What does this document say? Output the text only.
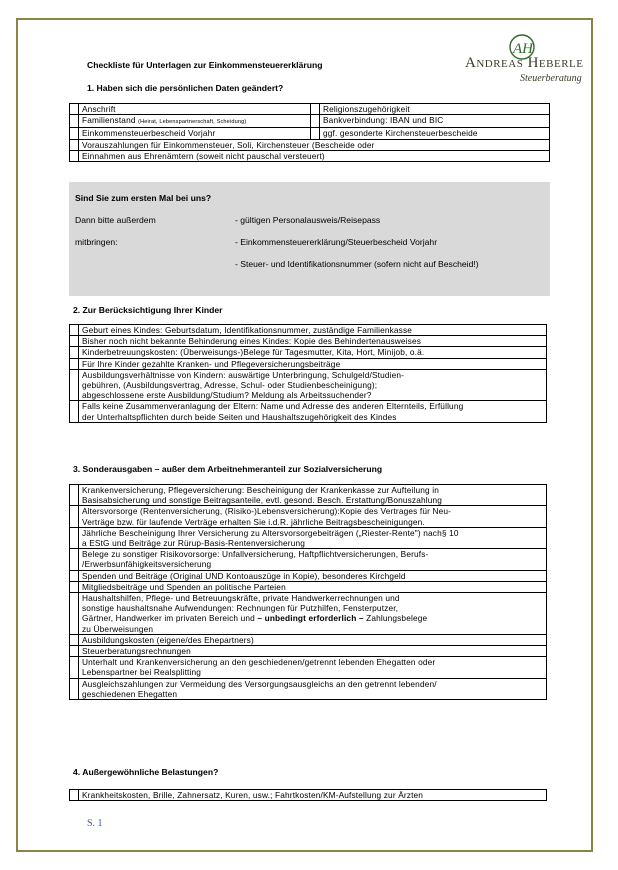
AH
Andreas Heberle
Steuerberatung
Checkliste für Unterlagen zur Einkommensteuererklärung
1. Haben sich die persönlichen Daten geändert?
	Anschrift		Religionszugehörigkeit
	Familienstand (Heirat, Lebenspartnerschaft, Scheidung)		Bankverbindung: IBAN und BIC
	Einkommensteuerbescheid Vorjahr		ggf. gesonderte Kirchensteuerbescheide
	Vorauszahlungen für Einkommensteuer, Soli, Kirchensteuer (Bescheide oder		
	Einnahmen aus Ehrenämtern (soweit nicht pauschal versteuert)		
Sind Sie zum ersten Mal bei uns?
Dann bitte außerdem
mitbringen:
- gültigen Personalausweis/Reisepass
- Einkommensteuererklärung/Steuerbescheid Vorjahr
- Steuer- und Identifikationsnummer (sofern nicht auf Bescheid!)
2. Zur Berücksichtigung Ihrer Kinder
	Geburt eines Kindes: Geburtsdatum, Identifikationsnummer, zuständige Familienkasse
	Bisher noch nicht bekannte Behinderung eines Kindes: Kopie des Behindertenausweises
	Kinderbetreuungskosten: (Überweisungs-)Belege für Tagesmutter, Kita, Hort, Minijob, o.ä.
	Für Ihre Kinder gezahlte Kranken- und Pflegeversicherungsbeiträge

	Ausbildungsverhältnisse von Kindern: auswärtige Unterbringung, Schulgeld/Studien-
gebühren, (Ausbildungsvertrag, Adresse, Schul- oder Studienbescheinigung);
abgeschlossene erste Ausbildung/Studium? Meldung als Arbeitssuchender?

	Falls keine Zusammenveranlagung der Eltern: Name und Adresse des anderen Elternteils, Erfüllung
der Unterhaltspflichten durch beide Seiten und Haushaltszugehörigkeit des Kindes
3. Sonderausgaben – außer dem Arbeitnehmeranteil zur Sozialversicherung

	Krankenversicherung, Pflegeversicherung: Bescheinigung der Krankenkasse zur Aufteilung in
Basisabsicherung und sonstige Beitragsanteile, evtl. gesond. Besch. Erstattung/Bonuszahlung

	Altersvorsorge (Rentenversicherung, (Risiko-)Lebensversicherung):Kopie des Vertrages für Neu-
Verträge bzw. für laufende Verträge erhalten Sie i.d.R. jährliche Beitragsbescheinigungen.

	Jährliche Bescheinigung Ihrer Versicherung zu Altersvorsorgebeiträgen („Riester-Rente") nach§ 10
a EStG und Beiträge zur Rürup-Basis-Rentenversicherung

	Belege zu sonstiger Risikovorsorge: Unfallversicherung, Haftpflichtversicherungen, Berufs-
/Erwerbsunfähigkeitsversicherung

	Spenden und Beiträge (Original UND Kontoauszüge in Kopie), besonderes Kirchgeld
	Mitgliedsbeiträge und Spenden an politische Parteien

	Haushaltshilfen, Pflege- und Betreuungskräfte, private Handwerkerrechnungen und
sonstige haushaltsnahe Aufwendungen: Rechnungen für Putzhilfen, Fensterputzer,
Gärtner, Handwerker im privaten Bereich und – unbedingt erforderlich – Zahlungsbelege
zu Überweisungen

	Ausbildungskosten (eigene/des Ehepartners)
	Steuerberatungsrechnungen

	Unterhalt und Krankenversicherung an den geschiedenen/getrennt lebenden Ehegatten oder
Lebenspartner bei Realsplitting

	Ausgleichszahlungen zur Vermeidung des Versorgungsausgleichs an den getrennt lebenden/
geschiedenen Ehegatten
4. Außergewöhnliche Belastungen?
	Krankheitskosten, Brille, Zahnersatz, Kuren, usw.; Fahrtkosten/KM-Aufstellung zur Ärzten
S. 1
